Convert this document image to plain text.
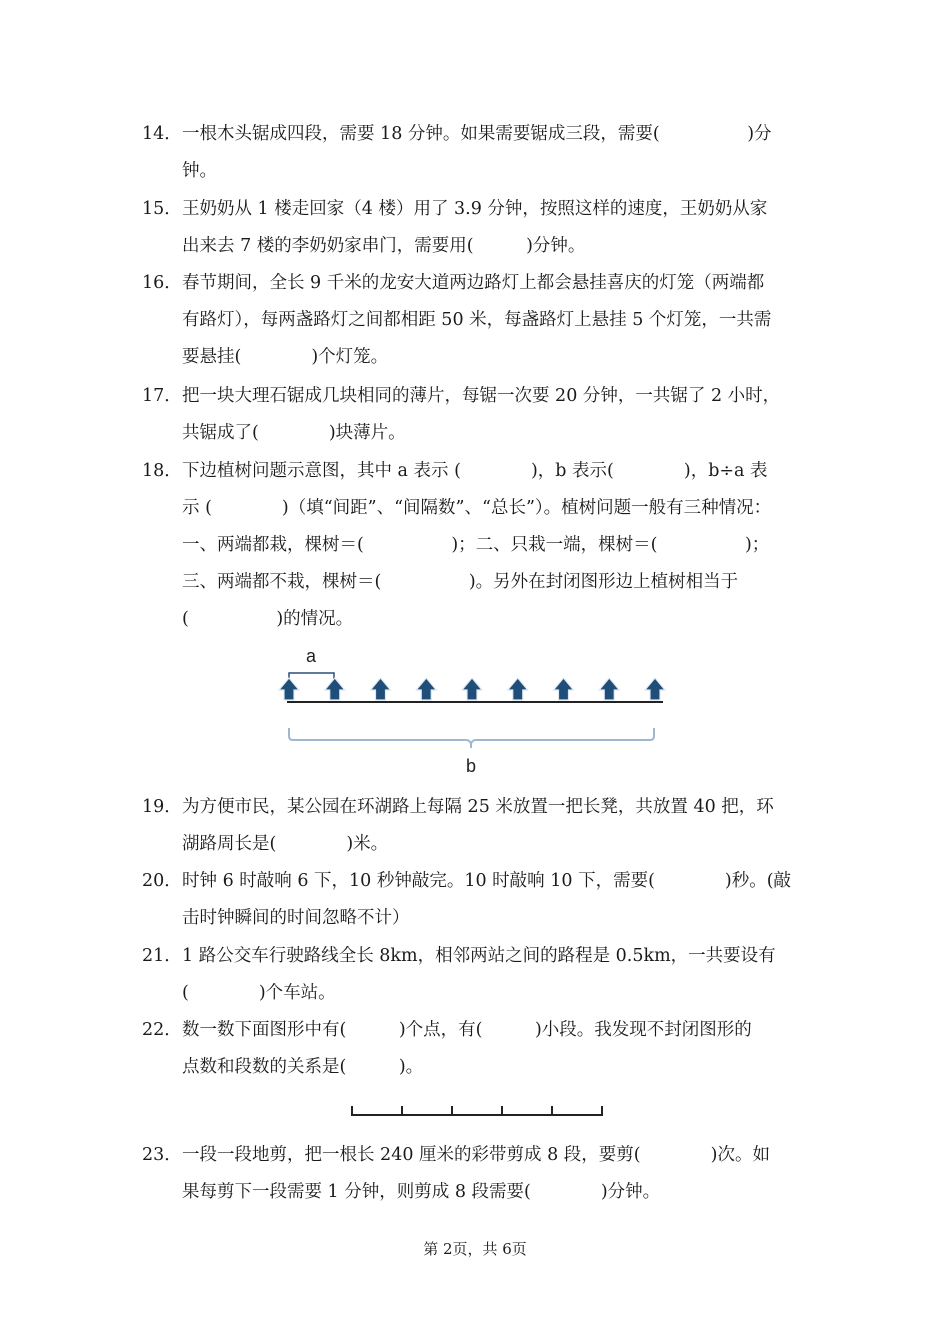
14． 一根木头锯成四段，需要 18 分钟。如果需要锯成三段，需要(　　　　　)分
钟。
15． 王奶奶从 1 楼走回家（4 楼）用了 3.9 分钟，按照这样的速度，王奶奶从家
出来去 7 楼的李奶奶家串门，需要用(　　　)分钟。
16． 春节期间，全长 9 千米的龙安大道两边路灯上都会悬挂喜庆的灯笼（两端都
有路灯），每两盏路灯之间都相距 50 米，每盏路灯上悬挂 5 个灯笼，一共需
要悬挂(　　　　)个灯笼。
17． 把一块大理石锯成几块相同的薄片，每锯一次要 20 分钟，一共锯了 2 小时，
共锯成了(　　　　)块薄片。
18． 下边植树问题示意图，其中 a 表示 (　　　　)，b 表示(　　　　)，b÷a 表
示 (　　　　)（填“间距”、“间隔数”、“总长”）。植树问题一般有三种情况：
一、两端都栽，棵树＝(　　　　　)；二、只栽一端，棵树＝(　　　　　)；
三、两端都不栽，棵树＝(　　　　　)。另外在封闭图形边上植树相当于
(　　　　　)的情况。
a
b
19． 为方便市民，某公园在环湖路上每隔 25 米放置一把长凳，共放置 40 把，环
湖路周长是(　　　　)米。
20． 时钟 6 时敲响 6 下，10 秒钟敲完。10 时敲响 10 下，需要(　　　　)秒。(敲
击时钟瞬间的时间忽略不计）
21． 1 路公交车行驶路线全长 8km，相邻两站之间的路程是 0.5km，一共要设有
(　　　　)个车站。
22． 数一数下面图形中有(　　　)个点，有(　　　)小段。我发现不封闭图形的
点数和段数的关系是(　　　)。
23． 一段一段地剪，把一根长 240 厘米的彩带剪成 8 段，要剪(　　　　)次。如
果每剪下一段需要 1 分钟，则剪成 8 段需要(　　　　)分钟。
第 2页，共 6页
